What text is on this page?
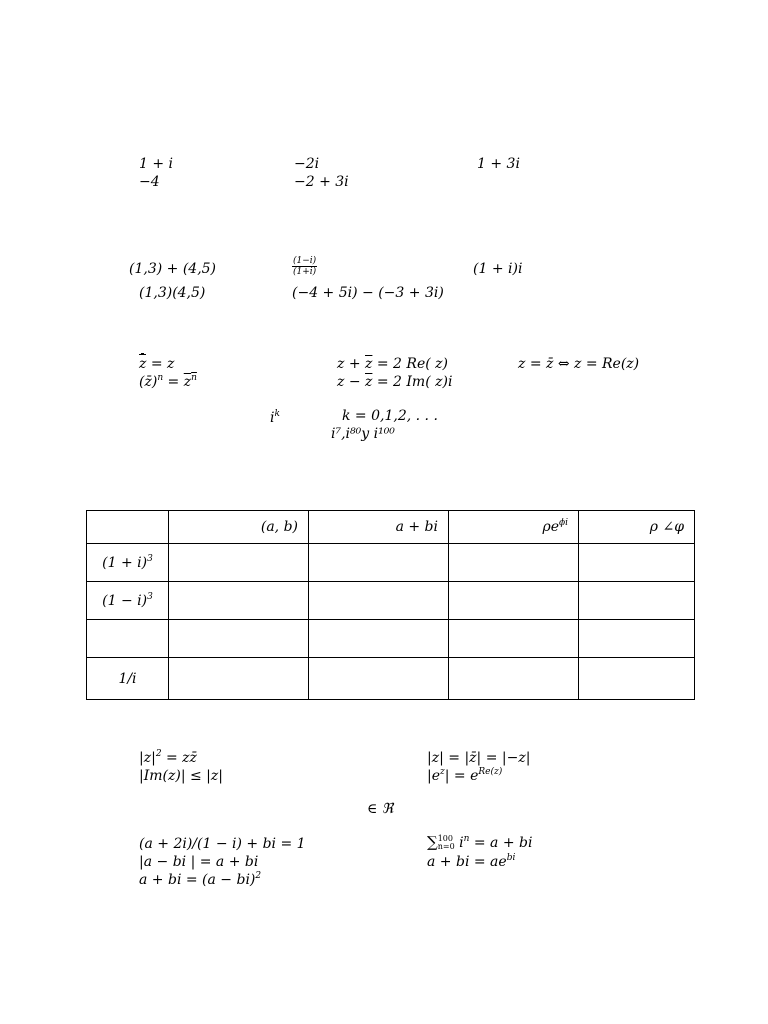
1 + i	−2i	1 + 3i
−4	−2 + 3i
(1,3) + (4,5)	$\frac{(1-i)}{(1+i)}$	(1 + i)i
(1,3)(4,5)	(−4 + 5i) − (−3 + 3i)
z = z	$z + \overline{z} = 2$ Re( z)	z = z̄ ⇔ z = Re(z)
(z̄)$^n$ = $z^n$	$z - \overline{z} = 2$ Im( z)i
$i^k$	k = 0,1,2, . . .
i⁷,i⁸⁰y i¹⁰⁰
	(a, b)	a + bi	$\rho e^{\phi i}$	ρ ∠φ
$(1 + i)^3$				
$(1 - i)^3$				

1/i				
$|z|^2$ = zz̄	|z| = |z̄| = |−z|
|Im(z)| ≤ |z|	$|e^z| = e^{Re(z)}$
∈ ℜ
(a + 2i)/(1 − i) + bi = 1	∑100
n=0 $i^n = a$ + bi
|a − bi | = a + bi	a + bi = $ae^{bi}$
a + bi = (a − bi)$^2$
